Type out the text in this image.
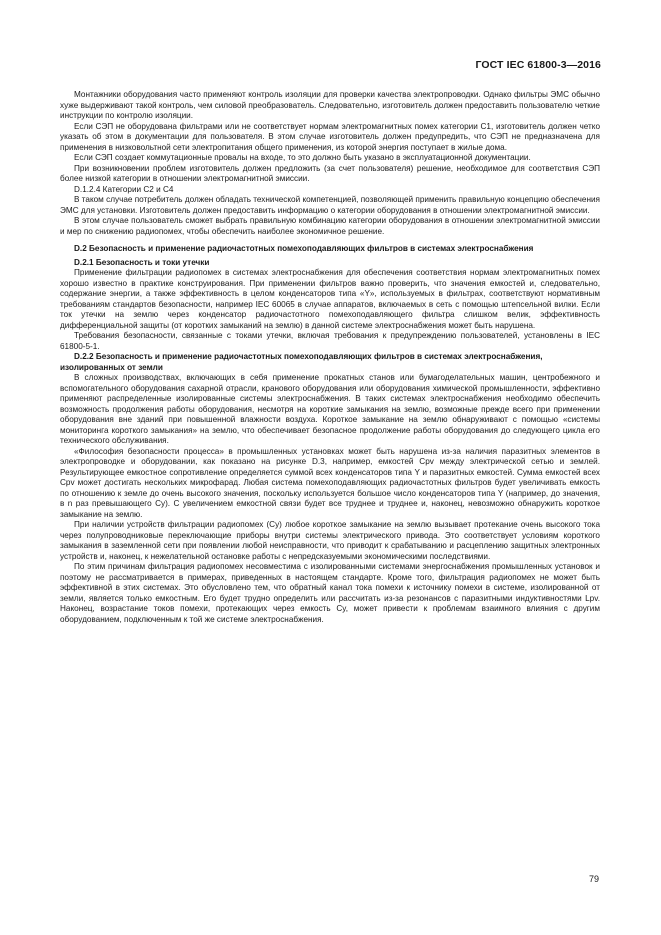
ГОСТ IEC 61800-3—2016

Монтажники оборудования часто применяют контроль изоляции для проверки качества электропроводки. Однако фильтры ЭМС обычно хуже выдерживают такой контроль, чем силовой преобразователь. Следовательно, изготовитель должен предоставить пользователю четкие инструкции по контролю изоляции.

Если СЭП не оборудована фильтрами или не соответствует нормам электромагнитных помех категории С1, изготовитель должен четко указать об этом в документации для пользователя. В этом случае изготовитель должен предупредить, что СЭП не предназначена для применения в низковольтной сети электропитания общего применения, из которой энергия поступает в жилые дома.

Если СЭП создает коммутационные провалы на входе, то это должно быть указано в эксплуатационной документации.

При возникновении проблем изготовитель должен предложить (за счет пользователя) решение, необходимое для соответствия СЭП более низкой категории в отношении электромагнитной эмиссии.

D.1.2.4 Категории С2 и С4

В таком случае потребитель должен обладать технической компетенцией, позволяющей применить правильную концепцию обеспечения ЭМС для установки. Изготовитель должен предоставить информацию о категории оборудования в отношении электромагнитной эмиссии.

В этом случае пользователь сможет выбрать правильную комбинацию категории оборудования в отношении электромагнитной эмиссии и мер по снижению радиопомех, чтобы обеспечить наиболее экономичное решение.

D.2 Безопасность и применение радиочастотных помехоподавляющих фильтров в системах электроснабжения

D.2.1 Безопасность и токи утечки

Применение фильтрации радиопомех в системах электроснабжения для обеспечения соответствия нормам электромагнитных помех хорошо известно в практике конструирования. При применении фильтров важно проверить, что значения емкостей и, следовательно, содержание энергии, а также эффективность в целом конденсаторов типа «Y», используемых в фильтрах, соответствуют нормативным требованиям стандартов безопасности, например IEC 60065 в случае аппаратов, включаемых в сеть с помощью штепсельной вилки. Если ток утечки на землю через конденсатор радиочастотного помехоподавляющего фильтра слишком велик, эффективность дифференциальной защиты (от коротких замыканий на землю) в данной системе электроснабжения может быть нарушена.

Требования безопасности, связанные с токами утечки, включая требования к предупреждению пользователей, установлены в IEC 61800-5-1.

D.2.2 Безопасность и применение радиочастотных помехоподавляющих фильтров в системах электроснабжения, изолированных от земли

В сложных производствах, включающих в себя применение прокатных станов или бумагоделательных машин, центробежного и вспомогательного оборудования сахарной отрасли, кранового оборудования или оборудования химической промышленности, эффективно применяют распределенные изолированные системы электроснабжения. В таких системах электроснабжения необходимо обеспечить возможность продолжения работы оборудования, несмотря на короткие замыкания на землю, возможные прежде всего при применении оборудования вне зданий при повышенной влажности воздуха. Короткое замыкание на землю обнаруживают с помощью «системы мониторинга короткого замыкания» на землю, что обеспечивает безопасное продолжение работы оборудования до следующего цикла его технического обслуживания.

«Философия безопасности процесса» в промышленных установках может быть нарушена из-за наличия паразитных элементов в электропроводке и оборудовании, как показано на рисунке D.3, например, емкостей Cpv между электрической сетью и землей. Результирующее емкостное сопротивление определяется суммой всех конденсаторов типа Y и паразитных емкостей. Сумма емкостей всех Cpv может достигать нескольких микрофарад. Любая система помехоподавляющих радиочастотных фильтров будет увеличивать емкость по отношению к земле до очень высокого значения, поскольку используется большое число конденсаторов типа Y (например, до значения, в n раз превышающего Cy). С увеличением емкостной связи будет все труднее и труднее и, наконец, невозможно обнаружить короткое замыкание на землю.

При наличии устройств фильтрации радиопомех (Cy) любое короткое замыкание на землю вызывает протекание очень высокого тока через полупроводниковые переключающие приборы внутри системы электрического привода. Это соответствует условиям короткого замыкания в заземленной сети при появлении любой неисправности, что приводит к срабатыванию и расцеплению защитных электронных устройств и, наконец, к нежелательной остановке работы с непредсказуемыми экономическими последствиями.

По этим причинам фильтрация радиопомех несовместима с изолированными системами энергоснабжения промышленных установок и поэтому не рассматривается в примерах, приведенных в настоящем стандарте. Кроме того, фильтрация радиопомех не может быть эффективной в этих системах. Это обусловлено тем, что обратный канал тока помехи к источнику помехи в системе, изолированной от земли, является только емкостным. Его будет трудно определить или рассчитать из-за резонансов с паразитными индуктивностями Lpv. Наконец, возрастание токов помехи, протекающих через емкость Cy, может привести к проблемам взаимного влияния с другим оборудованием, подключенным к той же системе электроснабжения.

79
